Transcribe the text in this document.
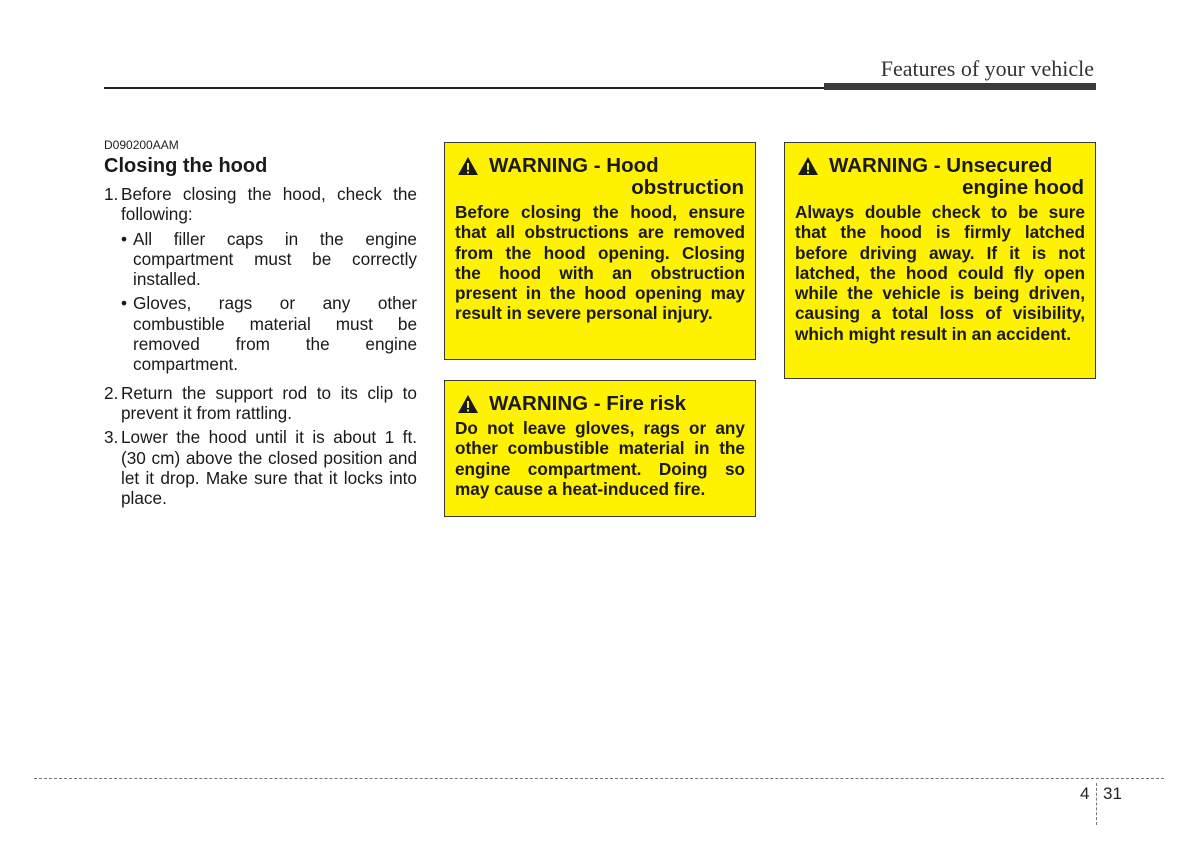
Features of your vehicle
D090200AAM
Closing the hood
1. Before closing the hood, check the following:
• All filler caps in the engine compartment must be correctly installed.
• Gloves, rags or any other combustible material must be removed from the engine compartment.
2. Return the support rod to its clip to prevent it from rattling.
3. Lower the hood until it is about 1 ft. (30 cm) above the closed position and let it drop. Make sure that it locks into place.
WARNING - Hood
obstruction
Before closing the hood, ensure that all obstructions are removed from the hood opening. Closing the hood with an obstruction present in the hood opening may result in severe personal injury.
WARNING - Fire risk
Do not leave gloves, rags or any other combustible material in the engine compartment. Doing so may cause a heat-induced fire.
WARNING - Unsecured
engine hood
Always double check to be sure that the hood is firmly latched before driving away. If it is not latched, the hood could fly open while the vehicle is being driven, causing a total loss of visibility, which might result in an accident.
4 31
